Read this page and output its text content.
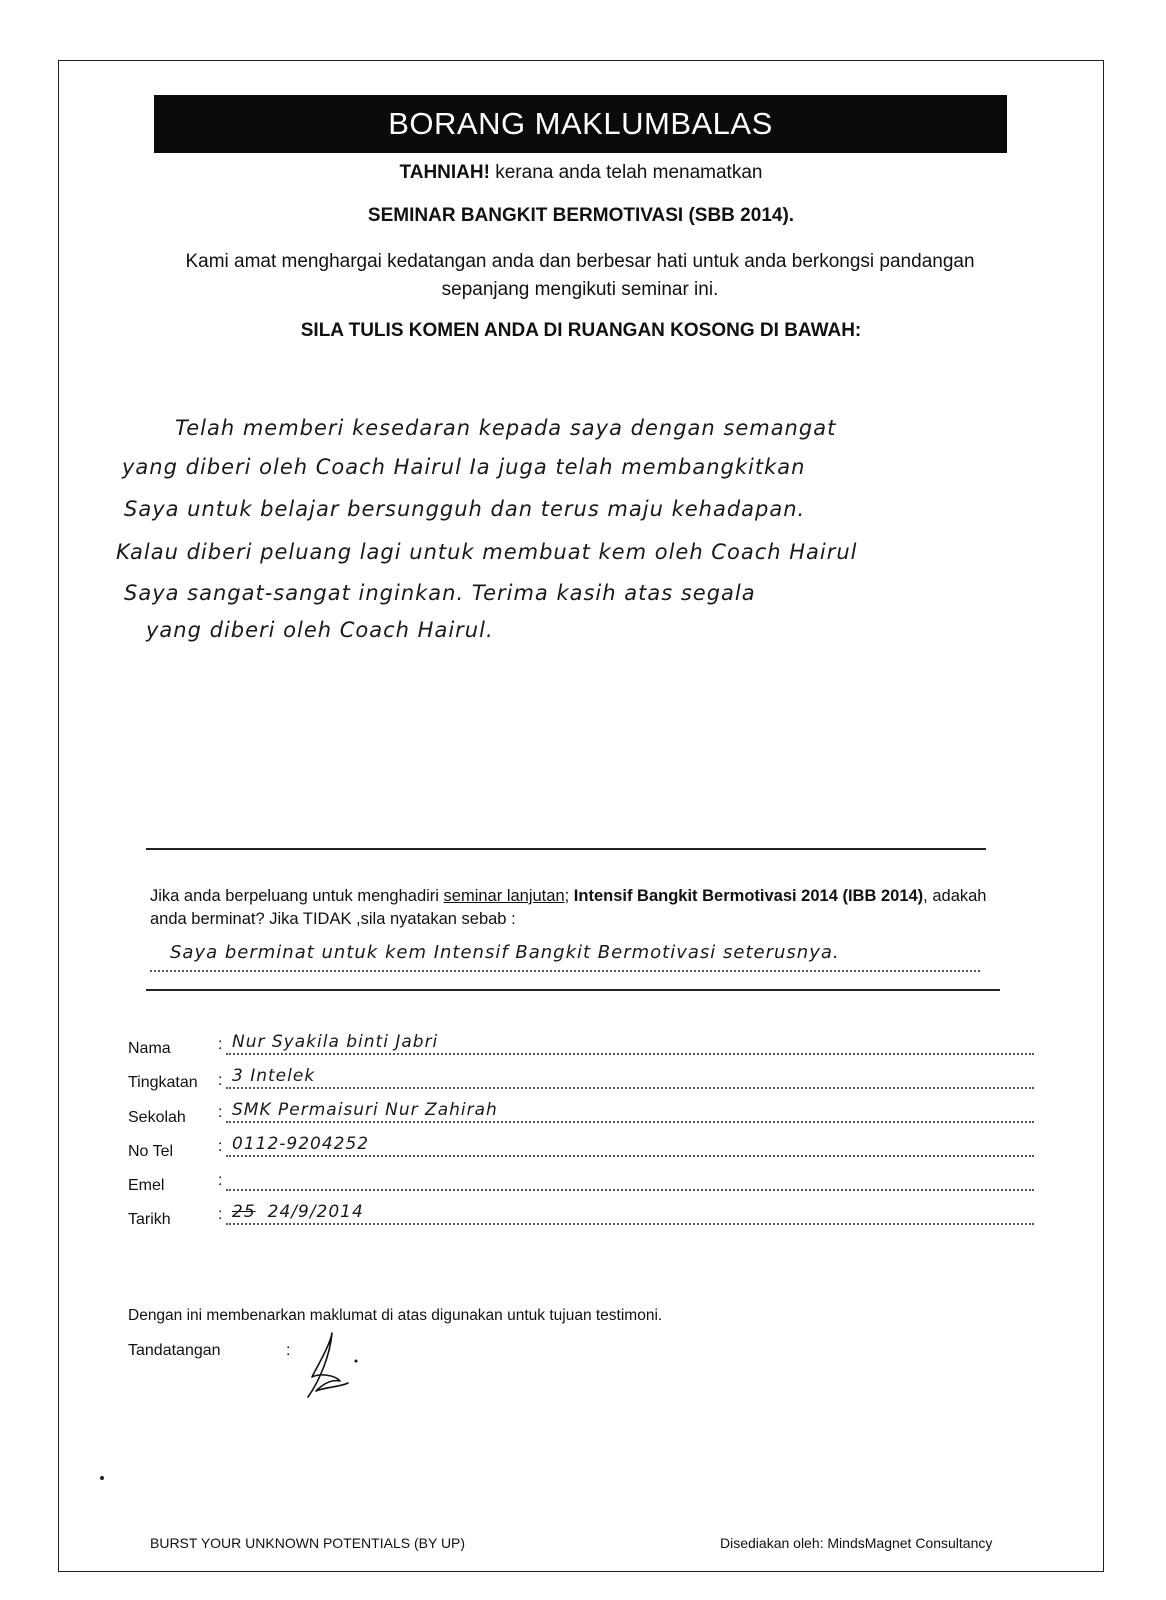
BORANG MAKLUMBALAS
TAHNIAH! kerana anda telah menamatkan
SEMINAR BANGKIT BERMOTIVASI (SBB 2014).
Kami amat menghargai kedatangan anda dan berbesar hati untuk anda berkongsi pandangan sepanjang mengikuti seminar ini.
SILA TULIS KOMEN ANDA DI RUANGAN KOSONG DI BAWAH:
Telah memberi kesedaran kepada saya dengan semangat
yang diberi oleh Coach Hairul Ia juga telah membangkitkan
Saya untuk belajar bersungguh dan terus maju kehadapan.
Kalau diberi peluang lagi untuk membuat kem oleh Coach Hairul
Saya sangat-sangat inginkan. Terima kasih atas segala
yang diberi oleh Coach Hairul.
Jika anda berpeluang untuk menghadiri seminar lanjutan; Intensif Bangkit Bermotivasi 2014 (IBB 2014), adakah anda berminat? Jika TIDAK ,sila nyatakan sebab :
Saya berminat untuk kem Intensif Bangkit Bermotivasi seterusnya.
Nama	: Nur Syakila binti Jabri
Tingkatan : 3 Intelek
Sekolah : SMK Permaisuri Nur Zahirah
No Tel	: 0112-9204252
Emel	:
Tarikh	: 25 24/9/2014
Dengan ini membenarkan maklumat di atas digunakan untuk tujuan testimoni.
Tandatangan	:
BURST YOUR UNKNOWN POTENTIALS (BY UP)	Disediakan oleh: MindsMagnet Consultancy
